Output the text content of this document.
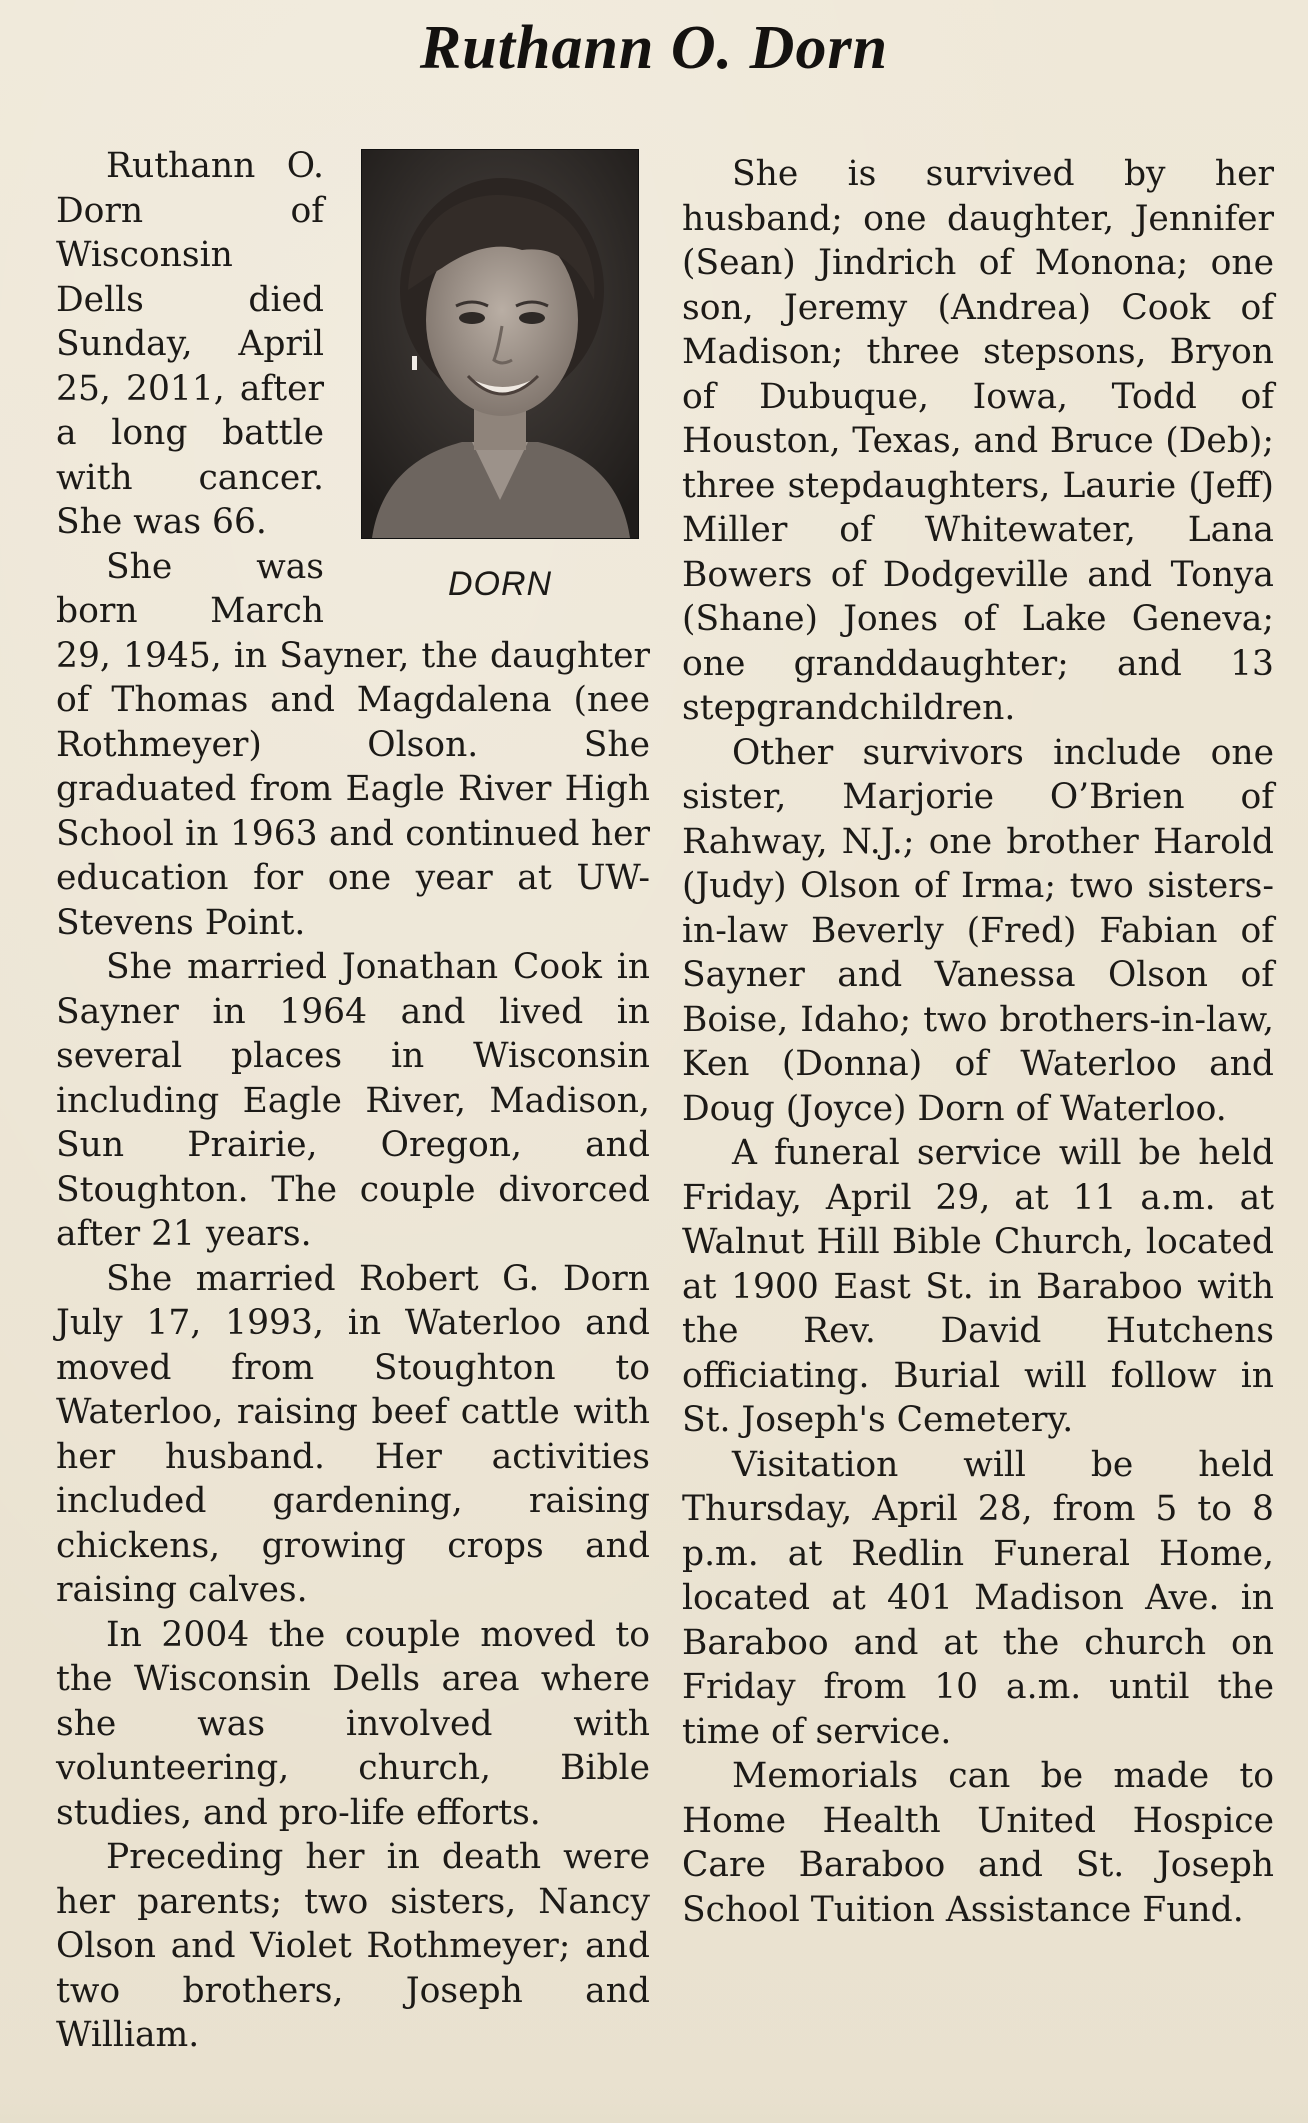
Ruthann O. Dorn
DORN

Ruthann O. Dorn of Wisconsin Dells died Sunday, April 25, 2011, after a long battle with cancer. She was 66.

She was born March 29, 1945, in Sayner, the daughter of Thomas and Magdalena (nee Rothmeyer) Olson. She graduated from Eagle River High School in 1963 and continued her education for one year at UW-Stevens Point.

She married Jonathan Cook in Sayner in 1964 and lived in several places in Wisconsin including Eagle River, Madison, Sun Prairie, Oregon, and Stoughton. The couple divorced after 21 years.

She married Robert G. Dorn July 17, 1993, in Waterloo and moved from Stoughton to Waterloo, raising beef cattle with her husband. Her activities included gardening, raising chickens, growing crops and raising calves.

In 2004 the couple moved to the Wisconsin Dells area where she was involved with volunteering, church, Bible studies, and pro-life efforts.

Preceding her in death were her parents; two sisters, Nancy Olson and Violet Rothmeyer; and two brothers, Joseph and William.

She is survived by her husband; one daughter, Jennifer (Sean) Jindrich of Monona; one son, Jeremy (Andrea) Cook of Madison; three stepsons, Bryon of Dubuque, Iowa, Todd of Houston, Texas, and Bruce (Deb); three stepdaughters, Laurie (Jeff) Miller of Whitewater, Lana Bowers of Dodgeville and Tonya (Shane) Jones of Lake Geneva; one granddaughter; and 13 stepgrandchildren.

Other survivors include one sister, Marjorie O’Brien of Rahway, N.J.; one brother Harold (Judy) Olson of Irma; two sisters-in-law Beverly (Fred) Fabian of Sayner and Vanessa Olson of Boise, Idaho; two brothers-in-law, Ken (Donna) of Waterloo and Doug (Joyce) Dorn of Waterloo.

A funeral service will be held Friday, April 29, at 11 a.m. at Walnut Hill Bible Church, located at 1900 East St. in Baraboo with the Rev. David Hutchens officiating. Burial will follow in St. Joseph's Cemetery.

Visitation will be held Thursday, April 28, from 5 to 8 p.m. at Redlin Funeral Home, located at 401 Madison Ave. in Baraboo and at the church on Friday from 10 a.m. until the time of service.

Memorials can be made to Home Health United Hospice Care Baraboo and St. Joseph School Tuition Assistance Fund.
